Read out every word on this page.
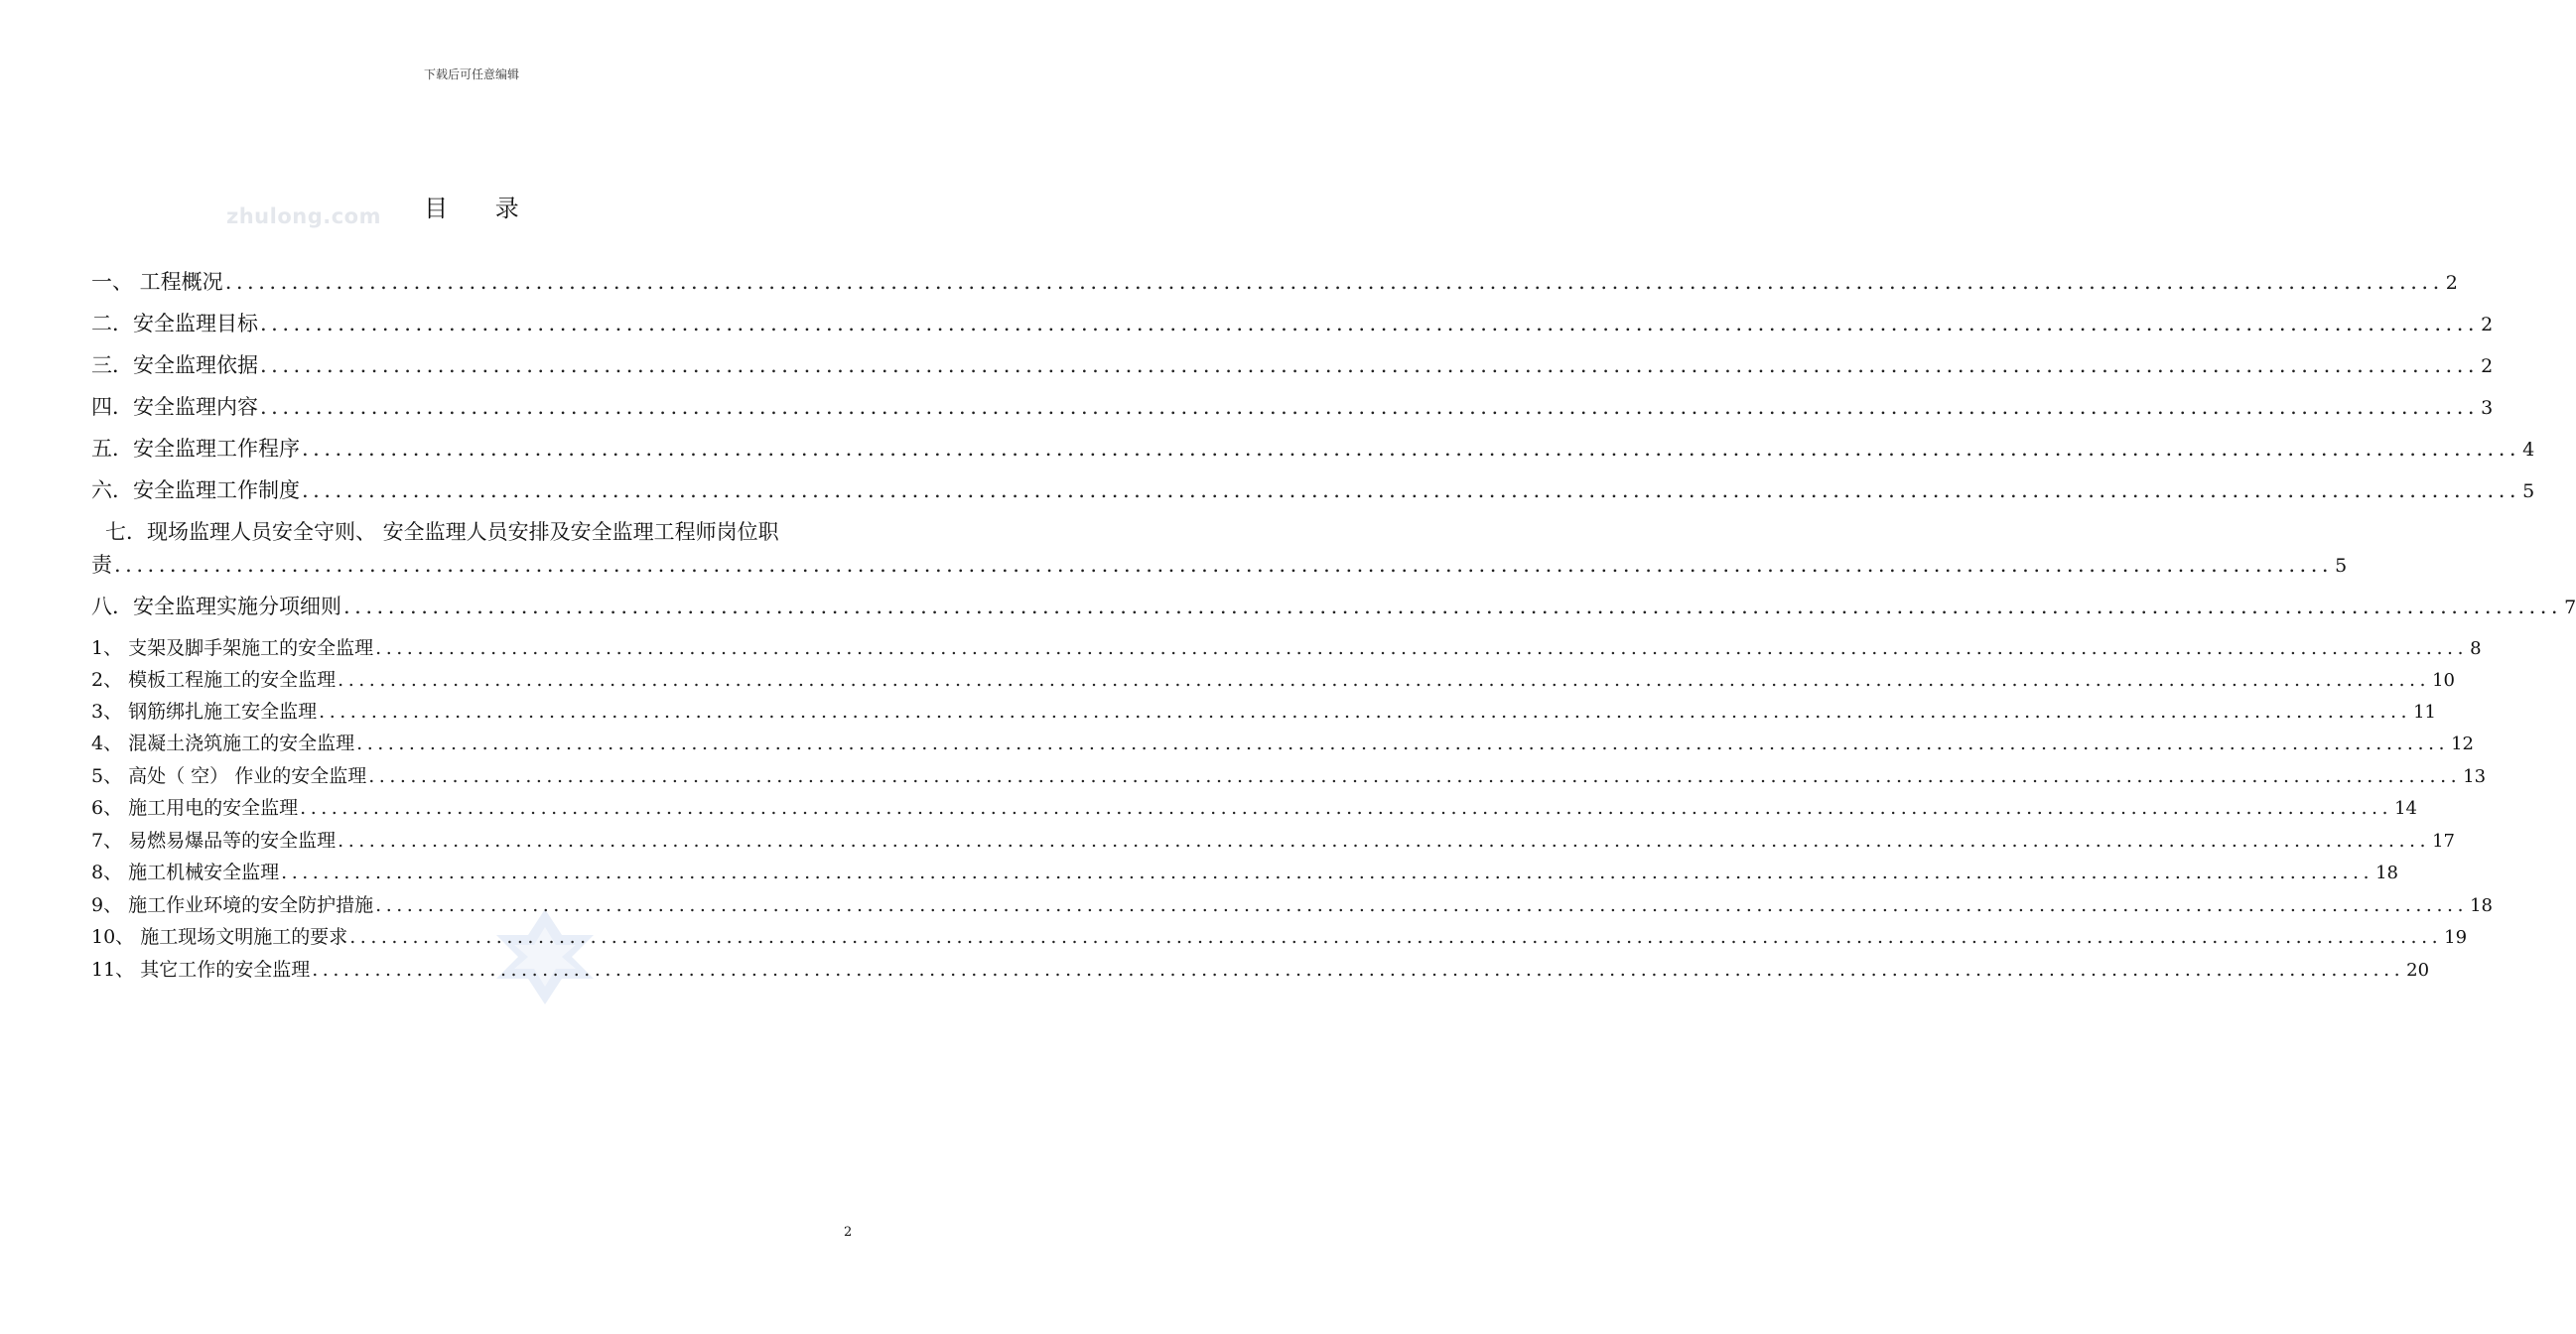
下载后可任意编辑
zhulong.com	目 录
一、 工程概况 ........................................................................................................................................................................................................ 2
二．安全监理目标 ........................................................................................................................................................................................................ 2
三．安全监理依据 ........................................................................................................................................................................................................ 2
四．安全监理内容 ........................................................................................................................................................................................................ 3
五．安全监理工作程序 ........................................................................................................................................................................................................ 4
六．安全监理工作制度 ........................................................................................................................................................................................................ 5
七．现场监理人员安全守则、 安全监理人员安排及安全监理工程师岗位职
责 ........................................................................................................................................................................................................ 5
八．安全监理实施分项细则 ........................................................................................................................................................................................................ 7
1、 支架及脚手架施工的安全监理 ........................................................................................................................................................................................................ 8
2、 模板工程施工的安全监理 ........................................................................................................................................................................................................ 10
3、 钢筋绑扎施工安全监理 ........................................................................................................................................................................................................ 11
4、 混凝土浇筑施工的安全监理 ........................................................................................................................................................................................................ 12
5、 高处（ 空） 作业的安全监理 ........................................................................................................................................................................................................ 13
6、 施工用电的安全监理 ........................................................................................................................................................................................................ 14
7、 易燃易爆品等的安全监理 ........................................................................................................................................................................................................ 17
8、 施工机械安全监理 ........................................................................................................................................................................................................ 18
9、 施工作业环境的安全防护措施 ........................................................................................................................................................................................................ 18
10、 施工现场文明施工的要求 ........................................................................................................................................................................................................ 19
11、 其它工作的安全监理 ........................................................................................................................................................................................................ 20
2
